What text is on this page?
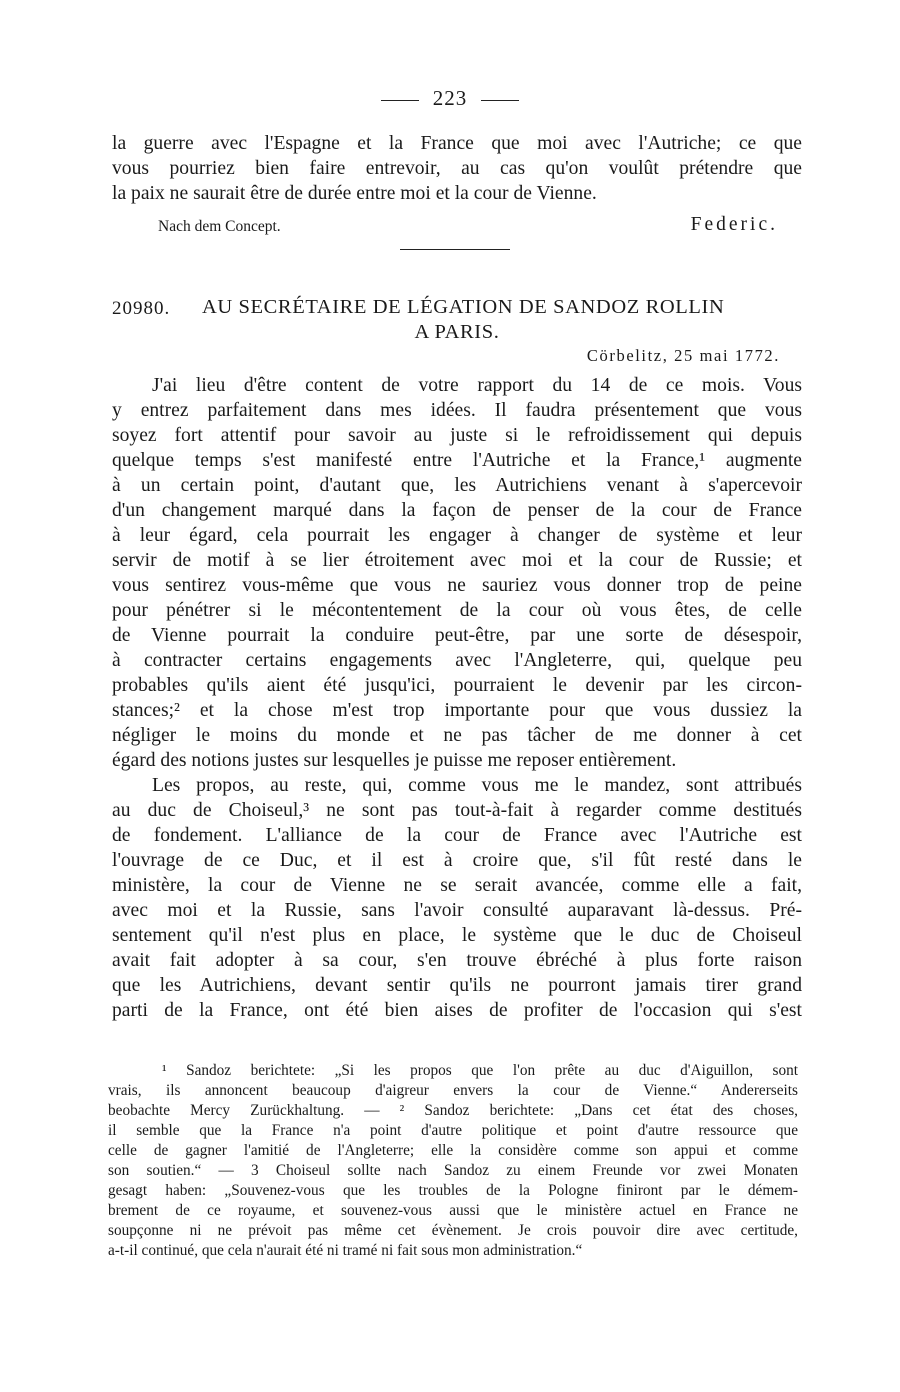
223
la guerre avec l'Espagne et la France que moi avec l'Autriche; ce que
vous pourriez bien faire entrevoir, au cas qu'on voulût prétendre que
la paix ne saurait être de durée entre moi et la cour de Vienne.
Nach dem Concept.	Federic.
20980. AU SECRÉTAIRE DE LÉGATION DE SANDOZ ROLLIN
A PARIS.
Cörbelitz, 25 mai 1772.
J'ai lieu d'être content de votre rapport du 14 de ce mois. Vous
y entrez parfaitement dans mes idées. Il faudra présentement que vous
soyez fort attentif pour savoir au juste si le refroidissement qui depuis
quelque temps s'est manifesté entre l'Autriche et la France,¹ augmente
à un certain point, d'autant que, les Autrichiens venant à s'apercevoir
d'un changement marqué dans la façon de penser de la cour de France
à leur égard, cela pourrait les engager à changer de système et leur
servir de motif à se lier étroitement avec moi et la cour de Russie; et
vous sentirez vous-même que vous ne sauriez vous donner trop de peine
pour pénétrer si le mécontentement de la cour où vous êtes, de celle
de Vienne pourrait la conduire peut-être, par une sorte de désespoir,
à contracter certains engagements avec l'Angleterre, qui, quelque peu
probables qu'ils aient été jusqu'ici, pourraient le devenir par les circon-
stances;² et la chose m'est trop importante pour que vous dussiez la
négliger le moins du monde et ne pas tâcher de me donner à cet
égard des notions justes sur lesquelles je puisse me reposer entièrement.
Les propos, au reste, qui, comme vous me le mandez, sont attribués
au duc de Choiseul,³ ne sont pas tout-à-fait à regarder comme destitués
de fondement. L'alliance de la cour de France avec l'Autriche est
l'ouvrage de ce Duc, et il est à croire que, s'il fût resté dans le
ministère, la cour de Vienne ne se serait avancée, comme elle a fait,
avec moi et la Russie, sans l'avoir consulté auparavant là-dessus. Pré-
sentement qu'il n'est plus en place, le système que le duc de Choiseul
avait fait adopter à sa cour, s'en trouve ébréché à plus forte raison
que les Autrichiens, devant sentir qu'ils ne pourront jamais tirer grand
parti de la France, ont été bien aises de profiter de l'occasion qui s'est
¹ Sandoz berichtete: „Si les propos que l'on prête au duc d'Aiguillon, sont
vrais, ils annoncent beaucoup d'aigreur envers la cour de Vienne.“ Andererseits
beobachte Mercy Zurückhaltung. — ² Sandoz berichtete: „Dans cet état des choses,
il semble que la France n'a point d'autre politique et point d'autre ressource que
celle de gagner l'amitié de l'Angleterre; elle la considère comme son appui et comme
son soutien.“ — 3 Choiseul sollte nach Sandoz zu einem Freunde vor zwei Monaten
gesagt haben: „Souvenez-vous que les troubles de la Pologne finiront par le démem-
brement de ce royaume, et souvenez-vous aussi que le ministère actuel en France ne
soupçonne ni ne prévoit pas même cet évènement. Je crois pouvoir dire avec certitude,
a-t-il continué, que cela n'aurait été ni tramé ni fait sous mon administration.“
